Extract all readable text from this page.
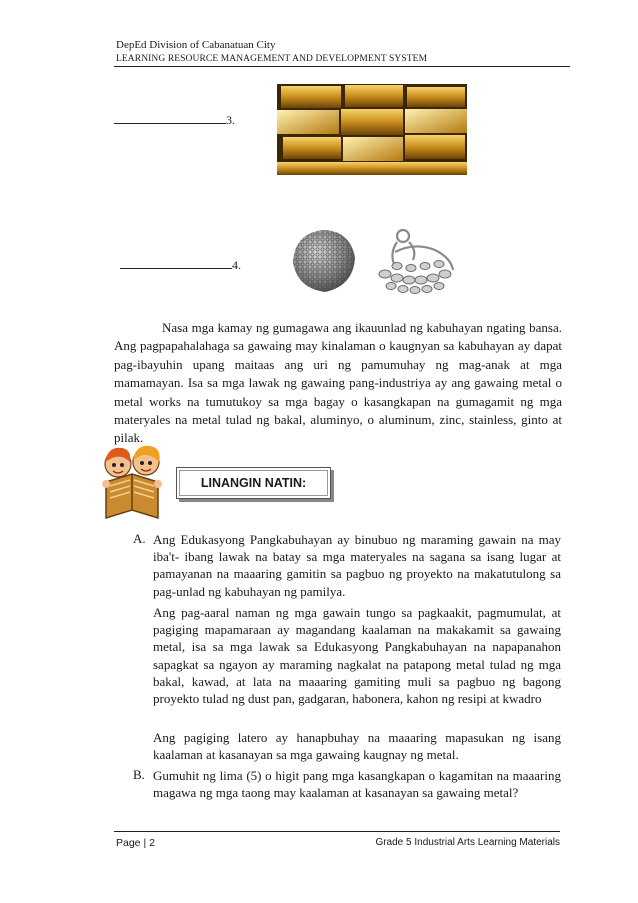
DepEd Division of Cabanatuan City
LEARNING RESOURCE MANAGEMENT AND DEVELOPMENT SYSTEM
3.
4.
Nasa mga kamay ng gumagawa ang ikauunlad ng kabuhayan ngating bansa. Ang pagpapahalahaga sa gawaing may kinalaman o kaugnyan sa kabuhayan ay dapat pag-ibayuhin upang maitaas ang uri ng pamumuhay ng mag-anak at mga mamamayan. Isa sa mga lawak ng gawaing pang-industriya ay ang gawaing metal o metal works na tumutukoy sa mga bagay o kasangkapan na gumagamit ng mga materyales na metal tulad ng bakal, aluminyo, o aluminum, zinc, stainless, ginto at pilak.
LINANGIN NATIN:
A. Ang Edukasyong Pangkabuhayan ay binubuo ng maraming gawain na may iba't- ibang lawak na batay sa mga materyales na sagana sa isang lugar at pamayanan na maaaring gamitin sa pagbuo ng proyekto na makatutulong sa pag-unlad ng kabuhayan ng pamilya.
Ang pag-aaral naman ng mga gawain tungo sa pagkaakit, pagmumulat, at pagiging mapamaraan ay magandang kaalaman na makakamit sa gawaing metal, isa sa mga lawak sa Edukasyong Pangkabuhayan na napapanahon sapagkat sa ngayon ay maraming nagkalat na patapong metal tulad ng mga bakal, kawad, at lata na maaaring gamiting muli sa pagbuo ng bagong proyekto tulad ng dust pan, gadgaran, habonera, kahon ng resipi at kwadro
Ang pagiging latero ay hanapbuhay na maaaring mapasukan ng isang kaalaman at kasanayan sa mga gawaing kaugnay ng metal.
B. Gumuhit ng lima (5) o higit pang mga kasangkapan o kagamitan na maaaring magawa ng mga taong may kaalaman at kasanayan sa gawaing metal?
Page | 2	Grade 5 Industrial Arts Learning Materials
